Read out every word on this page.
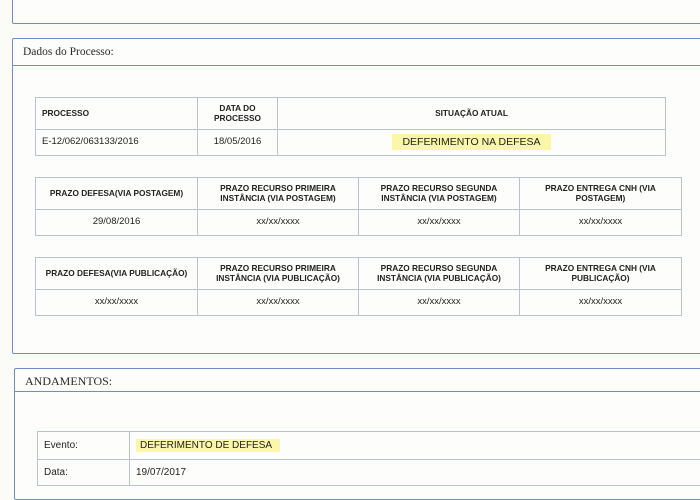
Dados do Processo:
PROCESSO	DATA DO PROCESSO	SITUAÇÃO ATUAL
E-12/062/063133/2016	18/05/2016	DEFERIMENTO NA DEFESA
PRAZO DEFESA(VIA POSTAGEM)	PRAZO RECURSO PRIMEIRA INSTÂNCIA (VIA POSTAGEM)	PRAZO RECURSO SEGUNDA INSTÂNCIA (VIA POSTAGEM)	PRAZO ENTREGA CNH (VIA POSTAGEM)
29/08/2016	xx/xx/xxxx	xx/xx/xxxx	xx/xx/xxxx
PRAZO DEFESA(VIA PUBLICAÇÃO)	PRAZO RECURSO PRIMEIRA INSTÂNCIA (VIA PUBLICAÇÃO)	PRAZO RECURSO SEGUNDA INSTÂNCIA (VIA PUBLICAÇÃO)	PRAZO ENTREGA CNH (VIA PUBLICAÇÃO)
xx/xx/xxxx	xx/xx/xxxx	xx/xx/xxxx	xx/xx/xxxx
ANDAMENTOS:
Evento:	DEFERIMENTO DE DEFESA
Data:	19/07/2017
